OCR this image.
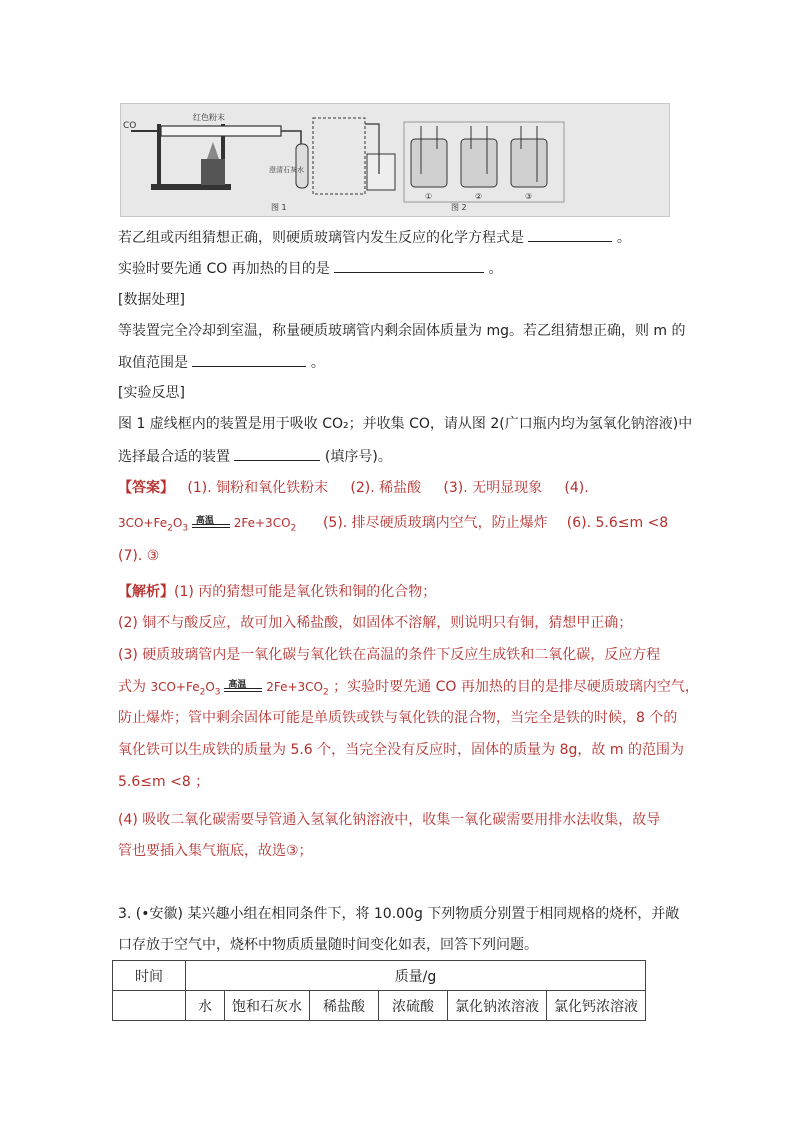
CO
红色粉末
澄清石灰水
图 1	图 2
①	②	③
若乙组或丙组猜想正确，则硬质玻璃管内发生反应的化学方程式是	。
实验时要先通 CO 再加热的目的是	。
[数据处理]
等装置完全冷却到室温，称量硬质玻璃管内剩余固体质量为 mg。若乙组猜想正确，则 m 的
取值范围是	。
[实验反思]
图 1 虚线框内的装置是用于吸收 CO₂；并收集 CO，请从图 2(广口瓶内均为氢氧化钠溶液)中
选择最合适的装置	(填序号)。
【答案】 (1). 铜粉和氧化铁粉末 (2). 稀盐酸 (3). 无明显现象 (4).
$3CO+Fe_2O_3$
高温 $2Fe+3CO_2$ (5). 排尽硬质玻璃内空气，防止爆炸 (6). 5.6≤m <8
(7). ③
【解析】(1) 丙的猜想可能是氧化铁和铜的化合物；
(2) 铜不与酸反应，故可加入稀盐酸，如固体不溶解，则说明只有铜，猜想甲正确；
(3) 硬质玻璃管内是一氧化碳与氧化铁在高温的条件下反应生成铁和二氧化碳，反应方程
式为 $3CO+Fe_2O_3$
高温 $2Fe+3CO_2$ ；实验时要先通 CO 再加热的目的是排尽硬质玻璃内空气，
防止爆炸；管中剩余固体可能是单质铁或铁与氧化铁的混合物，当完全是铁的时候，8 个的
氧化铁可以生成铁的质量为 5.6 个，当完全没有反应时，固体的质量为 8g，故 m 的范围为
5.6≤m <8 ；
(4) 吸收二氧化碳需要导管通入氢氧化钠溶液中，收集一氧化碳需要用排水法收集，故导
管也要插入集气瓶底，故选③；
3. (•安徽) 某兴趣小组在相同条件下，将 10.00g 下列物质分别置于相同规格的烧杯，并敞
口存放于空气中，烧杯中物质质量随时间变化如表，回答下列问题。
时间	质量/g					
	水	饱和石灰水	稀盐酸	浓硫酸	氯化钠浓溶液	氯化钙浓溶液
